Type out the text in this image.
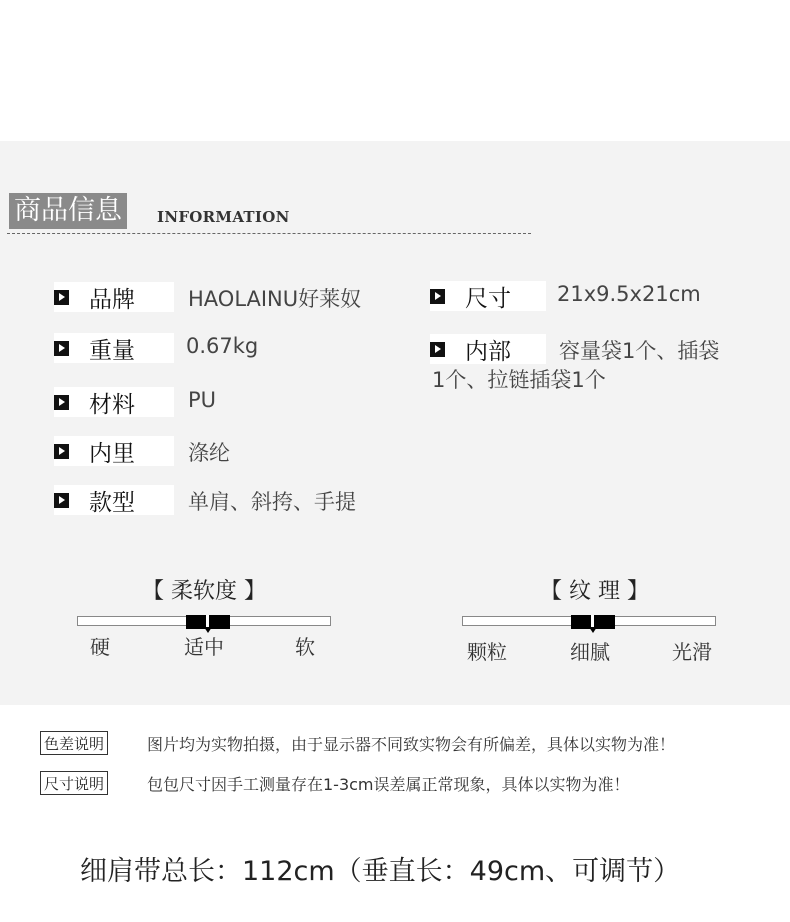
商品信息	INFORMATION
品牌	HAOLAINU好莱奴
重量 0.67kg
材料	PU
内里	涤纶
款型	单肩、斜挎、手提
尺寸 21x9.5x21cm
内部 容量袋1个、插袋
1个、拉链插袋1个
【 柔软度 】
硬	适中	软
【 纹 理 】
颗粒	细腻	光滑
色差说明	图片均为实物拍摄，由于显示器不同致实物会有所偏差，具体以实物为准！
尺寸说明	包包尺寸因手工测量存在1-3cm误差属正常现象，具体以实物为准！
细肩带总长：112cm（垂直长：49cm、可调节）
